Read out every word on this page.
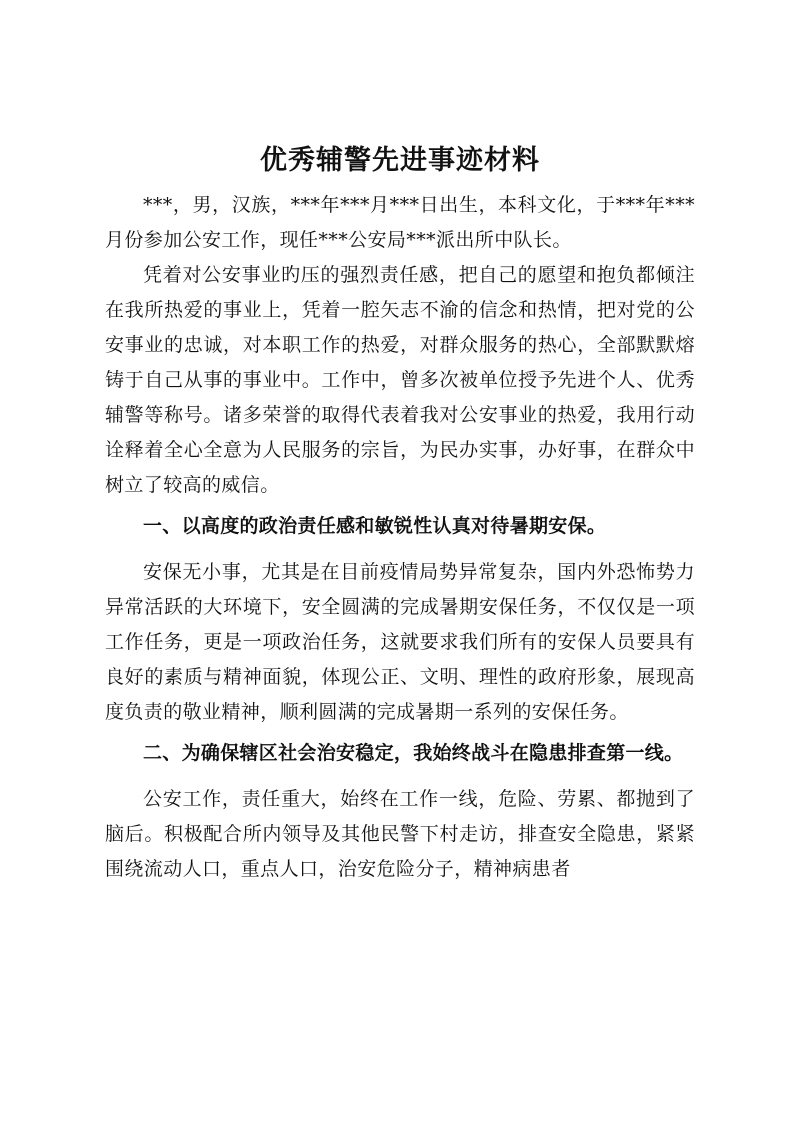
优秀辅警先进事迹材料

***，男，汉族，***年***月***日出生，本科文化，于***年***月份参加公安工作，现任***公安局***派出所中队长。

凭着对公安事业旳压的强烈责任感，把自己的愿望和抱负都倾注在我所热爱的事业上，凭着一腔矢志不渝的信念和热情，把对党的公安事业的忠诚，对本职工作的热爱，对群众服务的热心，全部默默熔铸于自己从事的事业中。工作中，曾多次被单位授予先进个人、优秀辅警等称号。诸多荣誉的取得代表着我对公安事业的热爱，我用行动诠释着全心全意为人民服务的宗旨，为民办实事，办好事，在群众中树立了较高的威信。

一、以高度的政治责任感和敏锐性认真对待暑期安保。

安保无小事，尤其是在目前疫情局势异常复杂，国内外恐怖势力异常活跃的大环境下，安全圆满的完成暑期安保任务，不仅仅是一项工作任务，更是一项政治任务，这就要求我们所有的安保人员要具有良好的素质与精神面貌，体现公正、文明、理性的政府形象，展现高度负责的敬业精神，顺利圆满的完成暑期一系列的安保任务。

二、为确保辖区社会治安稳定，我始终战斗在隐患排查第一线。

公安工作，责任重大，始终在工作一线，危险、劳累、都抛到了脑后。积极配合所内领导及其他民警下村走访，排查安全隐患，紧紧围绕流动人口，重点人口，治安危险分子，精神病患者
